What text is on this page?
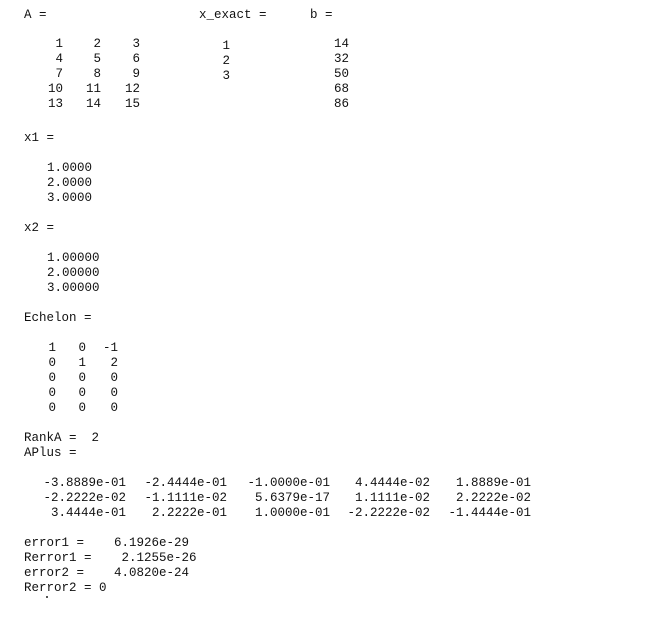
A =
1	2	3
4	5	6
7	8	9
10	11	12
13	14	15
x_exact =
1
2
3
b =
14
32
50
68
86
x1 =
1.0000
2.0000
3.0000
x2 =
1.00000
2.00000
3.00000
Echelon =
1	0	-1
0	1	2
0	0	0
0	0	0
0	0	0
RankA =  2
APlus =
-3.8889e-01	-2.4444e-01	-1.0000e-01	4.4444e-02	1.8889e-01
-2.2222e-02	-1.1111e-02	5.6379e-17	1.1111e-02	2.2222e-02
3.4444e-01	2.2222e-01	1.0000e-01	-2.2222e-02	-1.4444e-01
error1 =    6.1926e-29
Rerror1 =    2.1255e-26
error2 =    4.0820e-24
Rerror2 = 0
